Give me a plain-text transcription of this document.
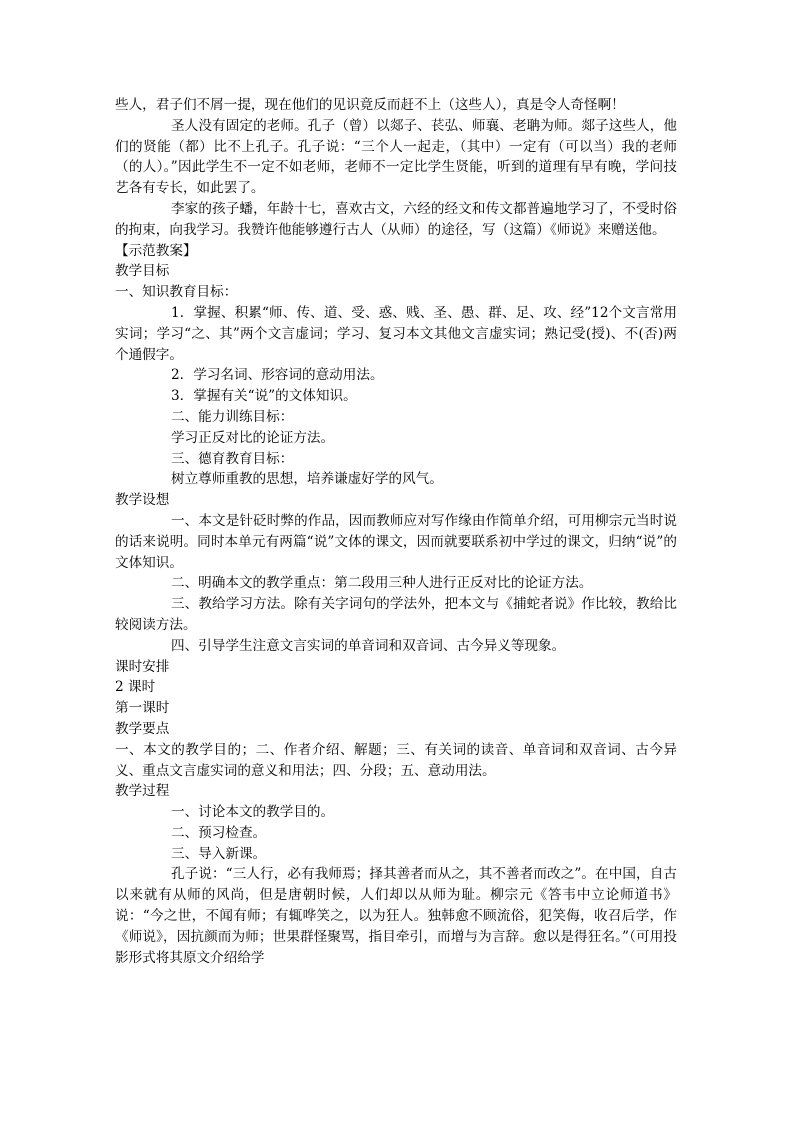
些人，君子们不屑一提，现在他们的见识竟反而赶不上（这些人），真是令人奇怪啊！

圣人没有固定的老师。孔子（曾）以郯子、苌弘、师襄、老聃为师。郯子这些人，他们的贤能（都）比不上孔子。孔子说：“三个人一起走，（其中）一定有（可以当）我的老师（的人）。”因此学生不一定不如老师，老师不一定比学生贤能，听到的道理有早有晚，学问技艺各有专长，如此罢了。

李家的孩子蟠，年龄十七，喜欢古文，六经的经文和传文都普遍地学习了，不受时俗的拘束，向我学习。我赞许他能够遵行古人（从师）的途径，写（这篇）《师说》来赠送他。

【示范教案】

教学目标

一、知识教育目标：

1．掌握、积累“师、传、道、受、惑、贱、圣、愚、群、足、攻、经”12个文言常用实词；学习“之、其”两个文言虚词；学习、复习本文其他文言虚实词；熟记受(授)、不(否)两个通假字。

2．学习名词、形容词的意动用法。

3．掌握有关“说”的文体知识。

二、能力训练目标：

学习正反对比的论证方法。

三、德育教育目标：

树立尊师重教的思想，培养谦虚好学的风气。

教学设想

一、本文是针砭时弊的作品，因而教师应对写作缘由作简单介绍，可用柳宗元当时说的话来说明。同时本单元有两篇“说”文体的课文，因而就要联系初中学过的课文，归纳“说”的文体知识。

二、明确本文的教学重点：第二段用三种人进行正反对比的论证方法。

三、教给学习方法。除有关字词句的学法外，把本文与《捕蛇者说》作比较，教给比较阅读方法。

四、引导学生注意文言实词的单音词和双音词、古今异义等现象。

课时安排

2 课时

第一课时

教学要点

一、本文的教学目的；二、作者介绍、解题；三、有关词的读音、单音词和双音词、古今异义、重点文言虚实词的意义和用法；四、分段；五、意动用法。

教学过程

一、讨论本文的教学目的。

二、预习检查。

三、导入新课。

孔子说：“三人行，必有我师焉；择其善者而从之，其不善者而改之”。在中国，自古以来就有从师的风尚，但是唐朝时候，人们却以从师为耻。柳宗元《答韦中立论师道书》说：“今之世，不闻有师；有辄哗笑之，以为狂人。独韩愈不顾流俗，犯笑侮，收召后学，作《师说》，因抗颜而为师；世果群怪聚骂，指目牵引，而增与为言辞。愈以是得狂名。”（可用投影形式将其原文介绍给学
